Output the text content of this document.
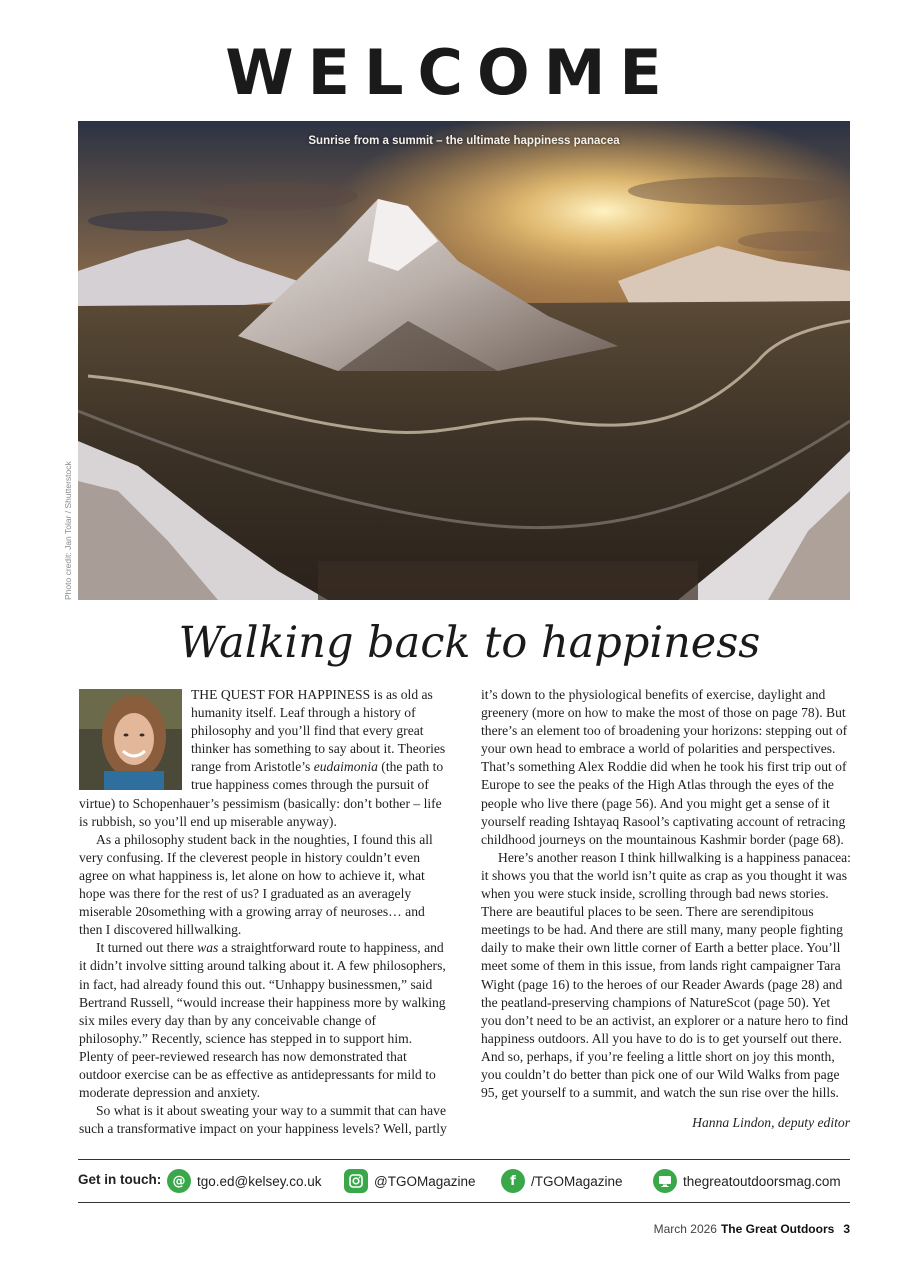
WELCOME
Sunrise from a summit – the ultimate happiness panacea
Photo credit: Jan Tolar / Shutterstock
Walking back to happiness

THE QUEST FOR HAPPINESS is as old as humanity itself. Leaf through a history of philosophy and you’ll find that every great thinker has something to say about it. Theories range from Aristotle’s eudaimonia (the path to true happiness comes through the pursuit of virtue) to Schopenhauer’s pessimism (basically: don’t bother – life is rubbish, so you’ll end up miserable anyway).

As a philosophy student back in the noughties, I found this all very confusing. If the cleverest people in history couldn’t even agree on what happiness is, let alone on how to achieve it, what hope was there for the rest of us? I graduated as an averagely miserable 20something with a growing array of neuroses… and then I discovered hillwalking.

It turned out there was a straightforward route to happiness, and it didn’t involve sitting around talking about it. A few philosophers, in fact, had already found this out. “Unhappy businessmen,” said Bertrand Russell, “would increase their happiness more by walking six miles every day than by any conceivable change of philosophy.” Recently, science has stepped in to support him. Plenty of peer-reviewed research has now demonstrated that outdoor exercise can be as effective as antidepressants for mild to moderate depression and anxiety.

So what is it about sweating your way to a summit that can have such a transformative impact on your happiness levels? Well, partly

it’s down to the physiological benefits of exercise, daylight and greenery (more on how to make the most of those on page 78). But there’s an element too of broadening your horizons: stepping out of your own head to embrace a world of polarities and perspectives. That’s something Alex Roddie did when he took his first trip out of Europe to see the peaks of the High Atlas through the eyes of the people who live there (page 56). And you might get a sense of it yourself reading Ishtayaq Rasool’s captivating account of retracing childhood journeys on the mountainous Kashmir border (page 68).

Here’s another reason I think hillwalking is a happiness panacea: it shows you that the world isn’t quite as crap as you thought it was when you were stuck inside, scrolling through bad news stories. There are beautiful places to be seen. There are serendipitous meetings to be had. And there are still many, many people fighting daily to make their own little corner of Earth a better place. You’ll meet some of them in this issue, from lands right campaigner Tara Wight (page 16) to the heroes of our Reader Awards (page 28) and the peatland-preserving champions of NatureScot (page 50). Yet you don’t need to be an activist, an explorer or a nature hero to find happiness outdoors. All you have to do is to get yourself out there. And so, perhaps, if you’re feeling a little short on joy this month, you couldn’t do better than pick one of our Wild Walks from page 95, get yourself to a summit, and watch the sun rise over the hills.

Hanna Lindon, deputy editor
Get in touch: @ tgo.ed@kelsey.co.uk	@TGOMagazine	f	/TGOMagazine	thegreatoutdoorsmag.com
March 2026 The Great Outdoors 3
